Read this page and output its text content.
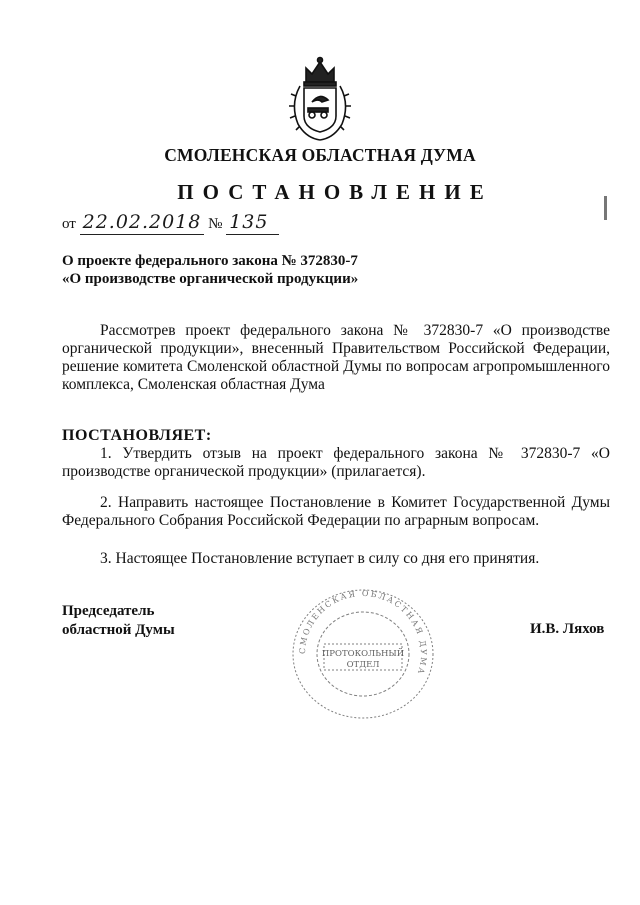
СМОЛЕНСКАЯ ОБЛАСТНАЯ ДУМА
ПОСТАНОВЛЕНИЕ
от 22.02.2018 № 135
О проекте федерального закона № 372830-7
«О производстве органической продукции»
Рассмотрев проект федерального закона № 372830-7 «О производстве органической продукции», внесенный Правительством Российской Федерации, решение комитета Смоленской областной Думы по вопросам агропромышленного комплекса, Смоленская областная Дума
ПОСТАНОВЛЯЕТ:
1. Утвердить отзыв на проект федерального закона № 372830-7 «О производстве органической продукции» (прилагается).
2. Направить настоящее Постановление в Комитет Государственной Думы Федерального Собрания Российской Федерации по аграрным вопросам.
3. Настоящее Постановление вступает в силу со дня его принятия.
Председатель
областной Думы	И.В. Ляхов
СМОЛЕНСКАЯ ОБЛАСТНАЯ ДУМА
ПРОТОКОЛЬНЫЙ
ОТДЕЛ
